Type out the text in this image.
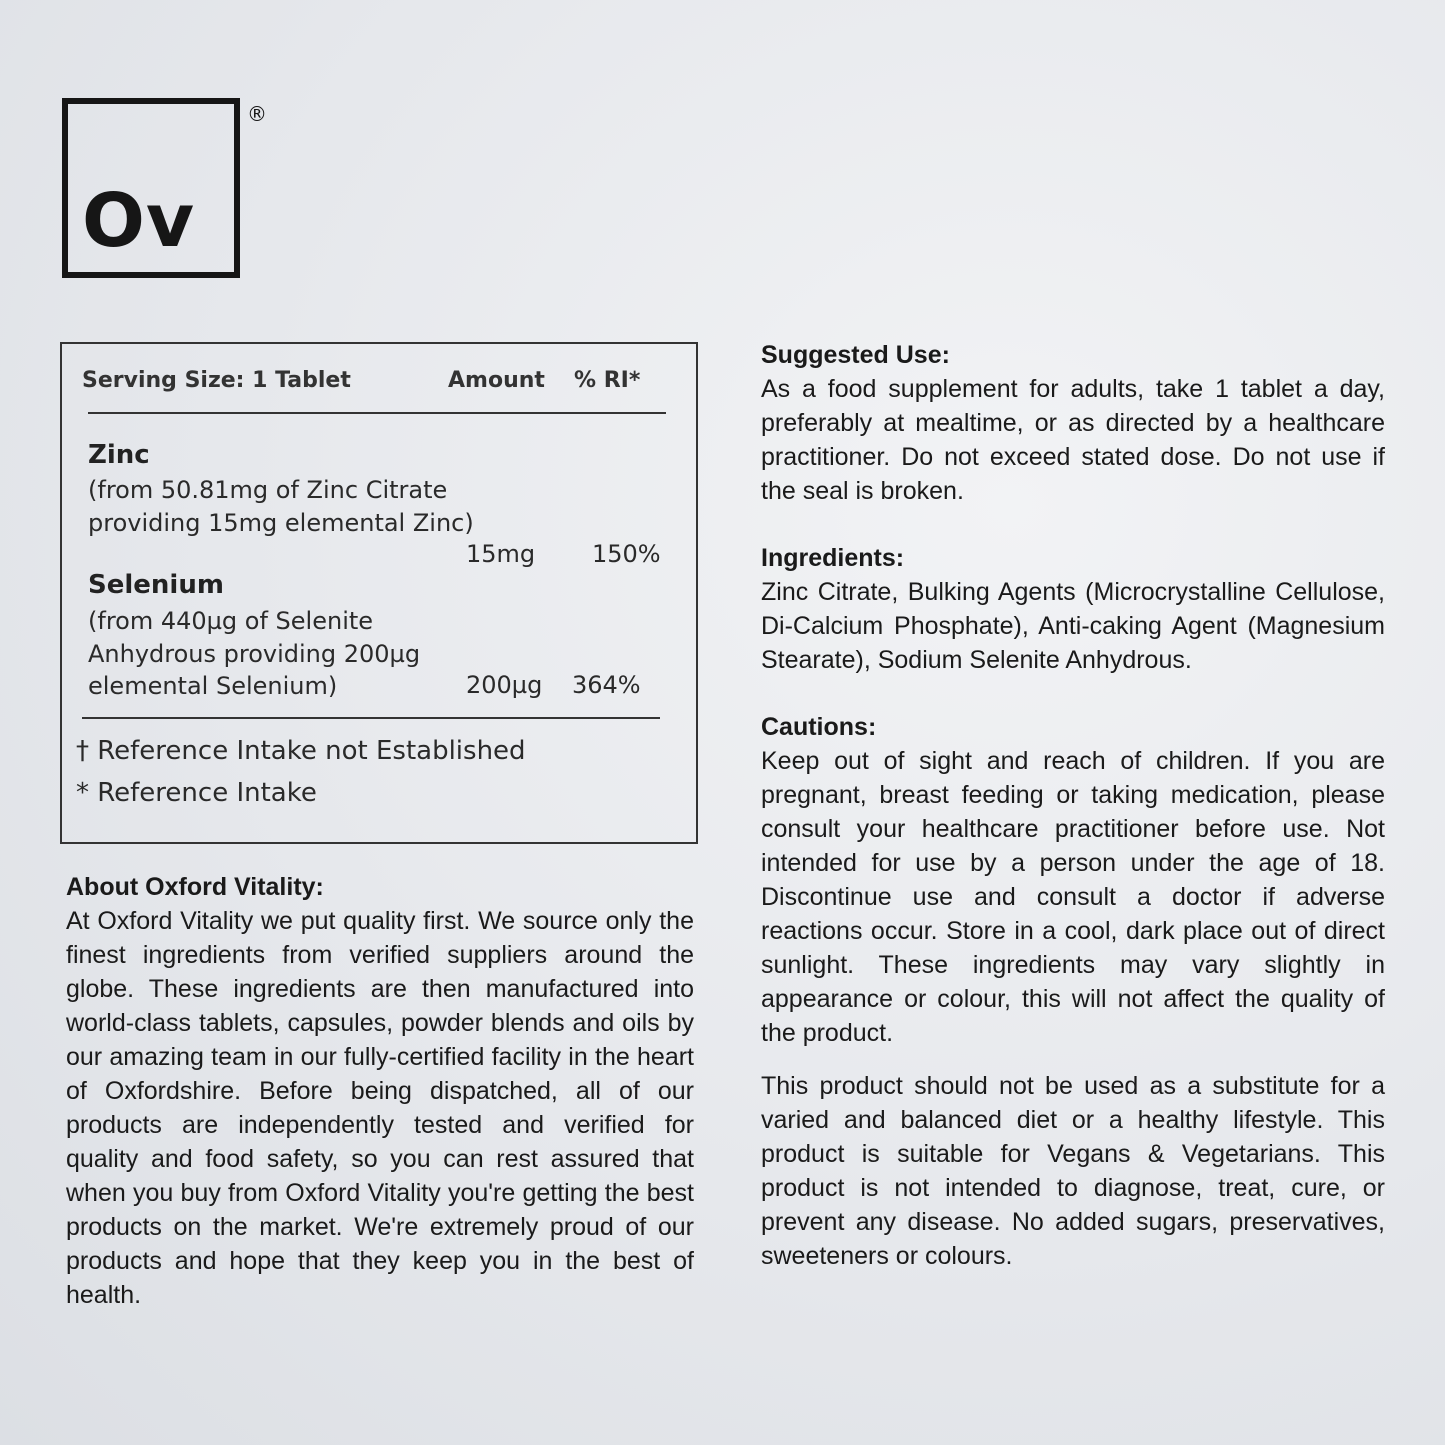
Ov
®
Serving Size: 1 Tablet	Amount % RI*
Zinc
(from 50.81mg of Zinc Citrate providing 15mg elemental Zinc)
15mg 150%
Selenium
(from 440µg of Selenite Anhydrous providing 200µg elemental Selenium)	200µg 364%
† Reference Intake not Established
* Reference Intake
About Oxford Vitality:
At Oxford Vitality we put quality first. We source only the finest ingredients from verified suppliers around the globe. These ingredients are then manufactured into world-class tablets, capsules, powder blends and oils by our amazing team in our fully-certified facility in the heart of Oxfordshire. Before being dispatched, all of our products are independently tested and verified for quality and food safety, so you can rest assured that when you buy from Oxford Vitality you're getting the best products on the market. We're extremely proud of our products and hope that they keep you in the best of health.
Suggested Use:
As a food supplement for adults, take 1 tablet a day, preferably at mealtime, or as directed by a healthcare practitioner. Do not exceed stated dose. Do not use if the seal is broken.
Ingredients:
Zinc Citrate, Bulking Agents (Microcrystalline Cellulose, Di-Calcium Phosphate), Anti-caking Agent (Magnesium Stearate), Sodium Selenite Anhydrous.
Cautions:
Keep out of sight and reach of children. If you are pregnant, breast feeding or taking medication, please consult your healthcare practitioner before use. Not intended for use by a person under the age of 18. Discontinue use and consult a doctor if adverse reactions occur. Store in a cool, dark place out of direct sunlight. These ingredients may vary slightly in appearance or colour, this will not affect the quality of the product.
This product should not be used as a substitute for a varied and balanced diet or a healthy lifestyle. This product is suitable for Vegans & Vegetarians. This product is not intended to diagnose, treat, cure, or prevent any disease. No added sugars, preservatives, sweeteners or colours.
